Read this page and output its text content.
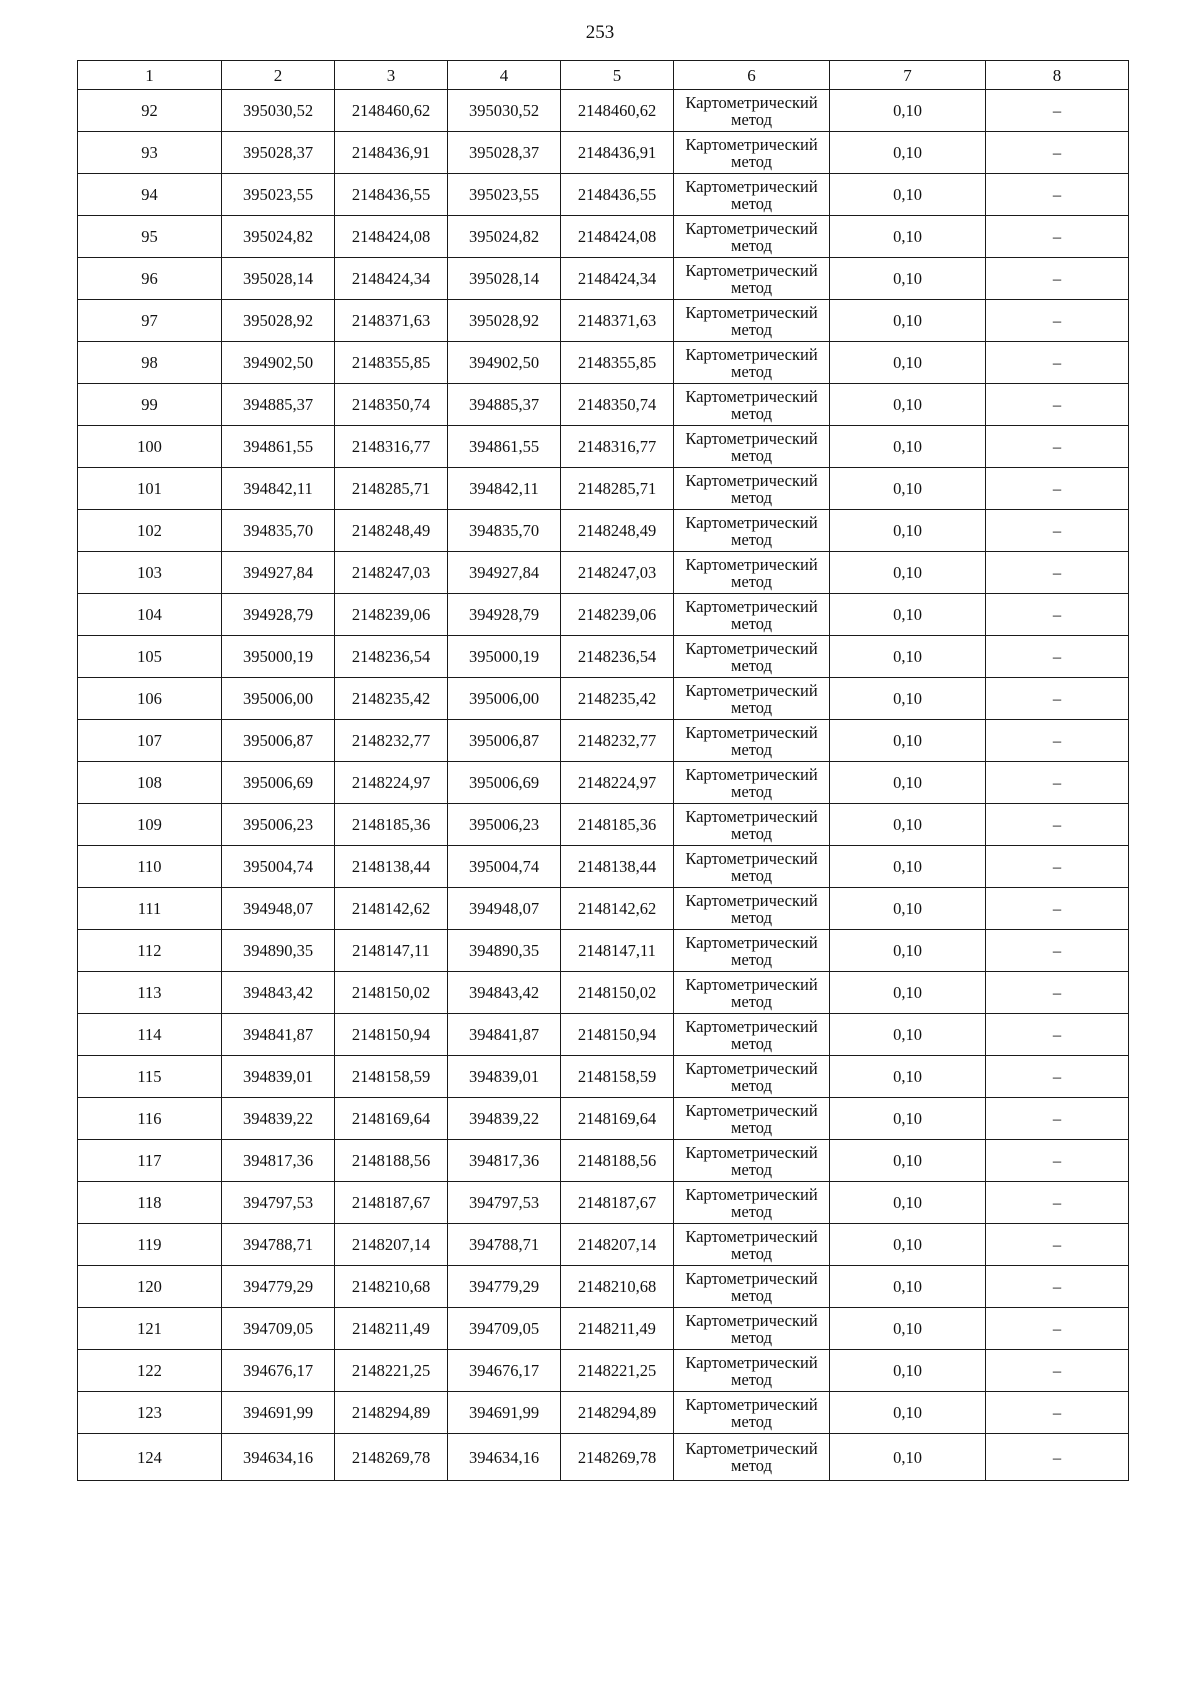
253
1	2	3	4	5	6	7	8
92	395030,52	2148460,62	395030,52	2148460,62	Картометрический
метод	0,10	–
93	395028,37	2148436,91	395028,37	2148436,91	Картометрический
метод	0,10	–
94	395023,55	2148436,55	395023,55	2148436,55	Картометрический
метод	0,10	–
95	395024,82	2148424,08	395024,82	2148424,08	Картометрический
метод	0,10	–
96	395028,14	2148424,34	395028,14	2148424,34	Картометрический
метод	0,10	–
97	395028,92	2148371,63	395028,92	2148371,63	Картометрический
метод	0,10	–
98	394902,50	2148355,85	394902,50	2148355,85	Картометрический
метод	0,10	–
99	394885,37	2148350,74	394885,37	2148350,74	Картометрический
метод	0,10	–
100	394861,55	2148316,77	394861,55	2148316,77	Картометрический
метод	0,10	–
101	394842,11	2148285,71	394842,11	2148285,71	Картометрический
метод	0,10	–
102	394835,70	2148248,49	394835,70	2148248,49	Картометрический
метод	0,10	–
103	394927,84	2148247,03	394927,84	2148247,03	Картометрический
метод	0,10	–
104	394928,79	2148239,06	394928,79	2148239,06	Картометрический
метод	0,10	–
105	395000,19	2148236,54	395000,19	2148236,54	Картометрический
метод	0,10	–
106	395006,00	2148235,42	395006,00	2148235,42	Картометрический
метод	0,10	–
107	395006,87	2148232,77	395006,87	2148232,77	Картометрический
метод	0,10	–
108	395006,69	2148224,97	395006,69	2148224,97	Картометрический
метод	0,10	–
109	395006,23	2148185,36	395006,23	2148185,36	Картометрический
метод	0,10	–
110	395004,74	2148138,44	395004,74	2148138,44	Картометрический
метод	0,10	–
111	394948,07	2148142,62	394948,07	2148142,62	Картометрический
метод	0,10	–
112	394890,35	2148147,11	394890,35	2148147,11	Картометрический
метод	0,10	–
113	394843,42	2148150,02	394843,42	2148150,02	Картометрический
метод	0,10	–
114	394841,87	2148150,94	394841,87	2148150,94	Картометрический
метод	0,10	–
115	394839,01	2148158,59	394839,01	2148158,59	Картометрический
метод	0,10	–
116	394839,22	2148169,64	394839,22	2148169,64	Картометрический
метод	0,10	–
117	394817,36	2148188,56	394817,36	2148188,56	Картометрический
метод	0,10	–
118	394797,53	2148187,67	394797,53	2148187,67	Картометрический
метод	0,10	–
119	394788,71	2148207,14	394788,71	2148207,14	Картометрический
метод	0,10	–
120	394779,29	2148210,68	394779,29	2148210,68	Картометрический
метод	0,10	–
121	394709,05	2148211,49	394709,05	2148211,49	Картометрический
метод	0,10	–
122	394676,17	2148221,25	394676,17	2148221,25	Картометрический
метод	0,10	–
123	394691,99	2148294,89	394691,99	2148294,89	Картометрический
метод	0,10	–
124	394634,16	2148269,78	394634,16	2148269,78	Картометрический
метод	0,10	–
